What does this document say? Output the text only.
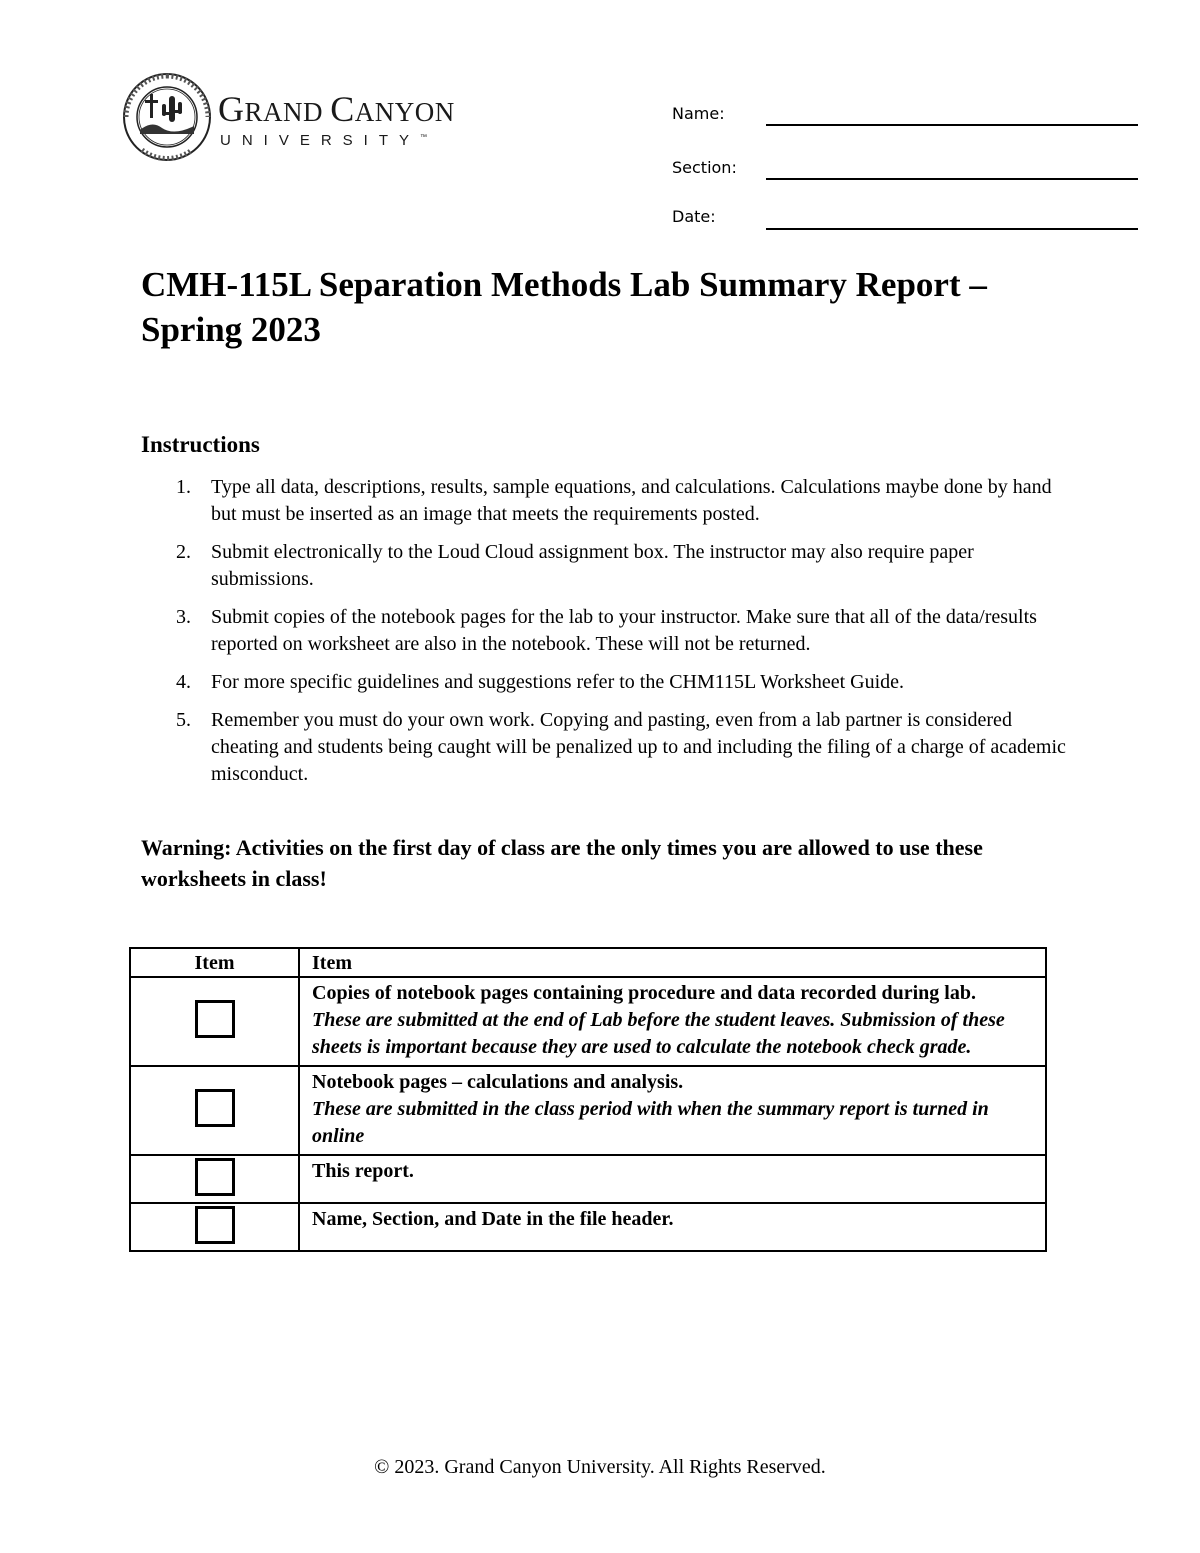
GRAND CANYON
UNIVERSITY™
Name:
Section:
Date:
CMH-115L Separation Methods Lab Summary Report – Spring 2023
Instructions
1. Type all data, descriptions, results, sample equations, and calculations. Calculations maybe done by hand but must be inserted as an image that meets the requirements posted.
2. Submit electronically to the Loud Cloud assignment box. The instructor may also require paper submissions.
3. Submit copies of the notebook pages for the lab to your instructor. Make sure that all of the data/results reported on worksheet are also in the notebook. These will not be returned.
4. For more specific guidelines and suggestions refer to the CHM115L Worksheet Guide.
5. Remember you must do your own work. Copying and pasting, even from a lab partner is considered cheating and students being caught will be penalized up to and including the filing of a charge of academic misconduct.

Warning: Activities on the first day of class are the only times you are allowed to use these worksheets in class!

Item	Item

	Copies of notebook pages containing procedure and data recorded during lab.
These are submitted at the end of Lab before the student leaves. Submission of these sheets is important because they are used to calculate the notebook check grade.

	Notebook pages – calculations and analysis.
These are submitted in the class period with when the summary report is turned in online

	This report.

	Name, Section, and Date in the file header.
© 2023. Grand Canyon University. All Rights Reserved.
